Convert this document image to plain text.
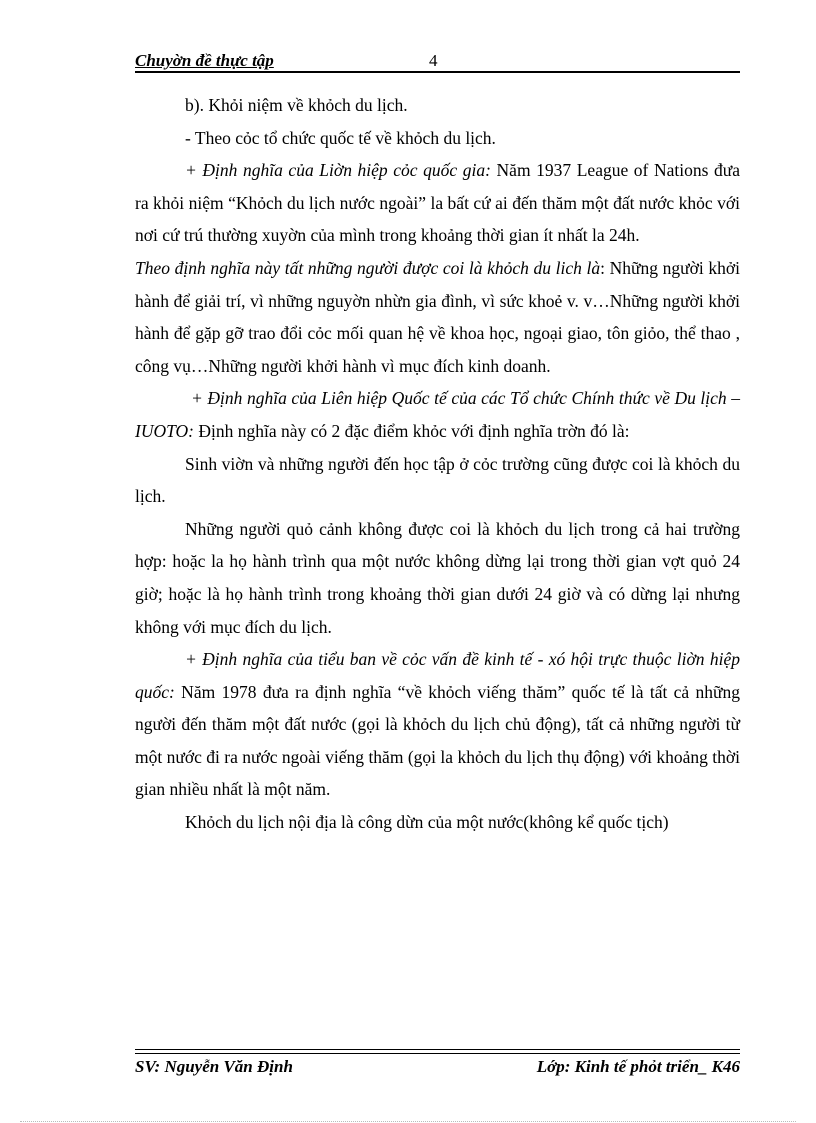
Chuyờn đề thực tập	4

b). Khỏi niệm về khỏch du lịch.

- Theo cỏc tổ chức quốc tế về khỏch du lịch.

+ Định nghĩa của Liờn hiệp cỏc quốc gia: Năm 1937 League of Nations đưa ra khỏi niệm “Khỏch du lịch nước ngoài” la bất cứ ai đến thăm một đất nước khỏc với nơi cứ trú thường xuyờn của mình trong khoảng thời gian ít nhất la 24h.

Theo định nghĩa này tất những người được coi là khỏch du lich là: Những người khởi hành để giải trí, vì những nguyờn nhừn gia đình, vì sức khoẻ v. v…Những người khởi hành để gặp gỡ trao đổi cỏc mối quan hệ về khoa học, ngoại giao, tôn giỏo, thể thao , công vụ…Những người khởi hành vì mục đích kinh doanh.

+ Định nghĩa của Liên hiệp Quốc tế của các Tổ chức Chính thức về Du lịch – IUOTO: Định nghĩa này có 2 đặc điểm khỏc với định nghĩa trờn đó là:

Sinh viờn và những người đến học tập ở cỏc trường cũng được coi là khỏch du lịch.

Những người quỏ cảnh không được coi là khỏch du lịch trong cả hai trường hợp: hoặc la họ hành trình qua một nước không dừng lại trong thời gian vợt quỏ 24 giờ; hoặc là họ hành trình trong khoảng thời gian dưới 24 giờ và có dừng lại nhưng không với mục đích du lịch.

+ Định nghĩa của tiểu ban về cỏc vấn đề kinh tế - xó hội trực thuộc liờn hiệp quốc: Năm 1978 đưa ra định nghĩa “về khỏch viếng thăm” quốc tế là tất cả những người đến thăm một đất nước (gọi là khỏch du lịch chủ động), tất cả những người từ một nước đi ra nước ngoài viếng thăm (gọi la khỏch du lịch thụ động) với khoảng thời gian nhiều nhất là một năm.

Khỏch du lịch nội địa là công dừn của một nước(không kể quốc tịch)

SV: Nguyễn Văn Định	Lớp: Kinh tế phỏt triển_ K46
